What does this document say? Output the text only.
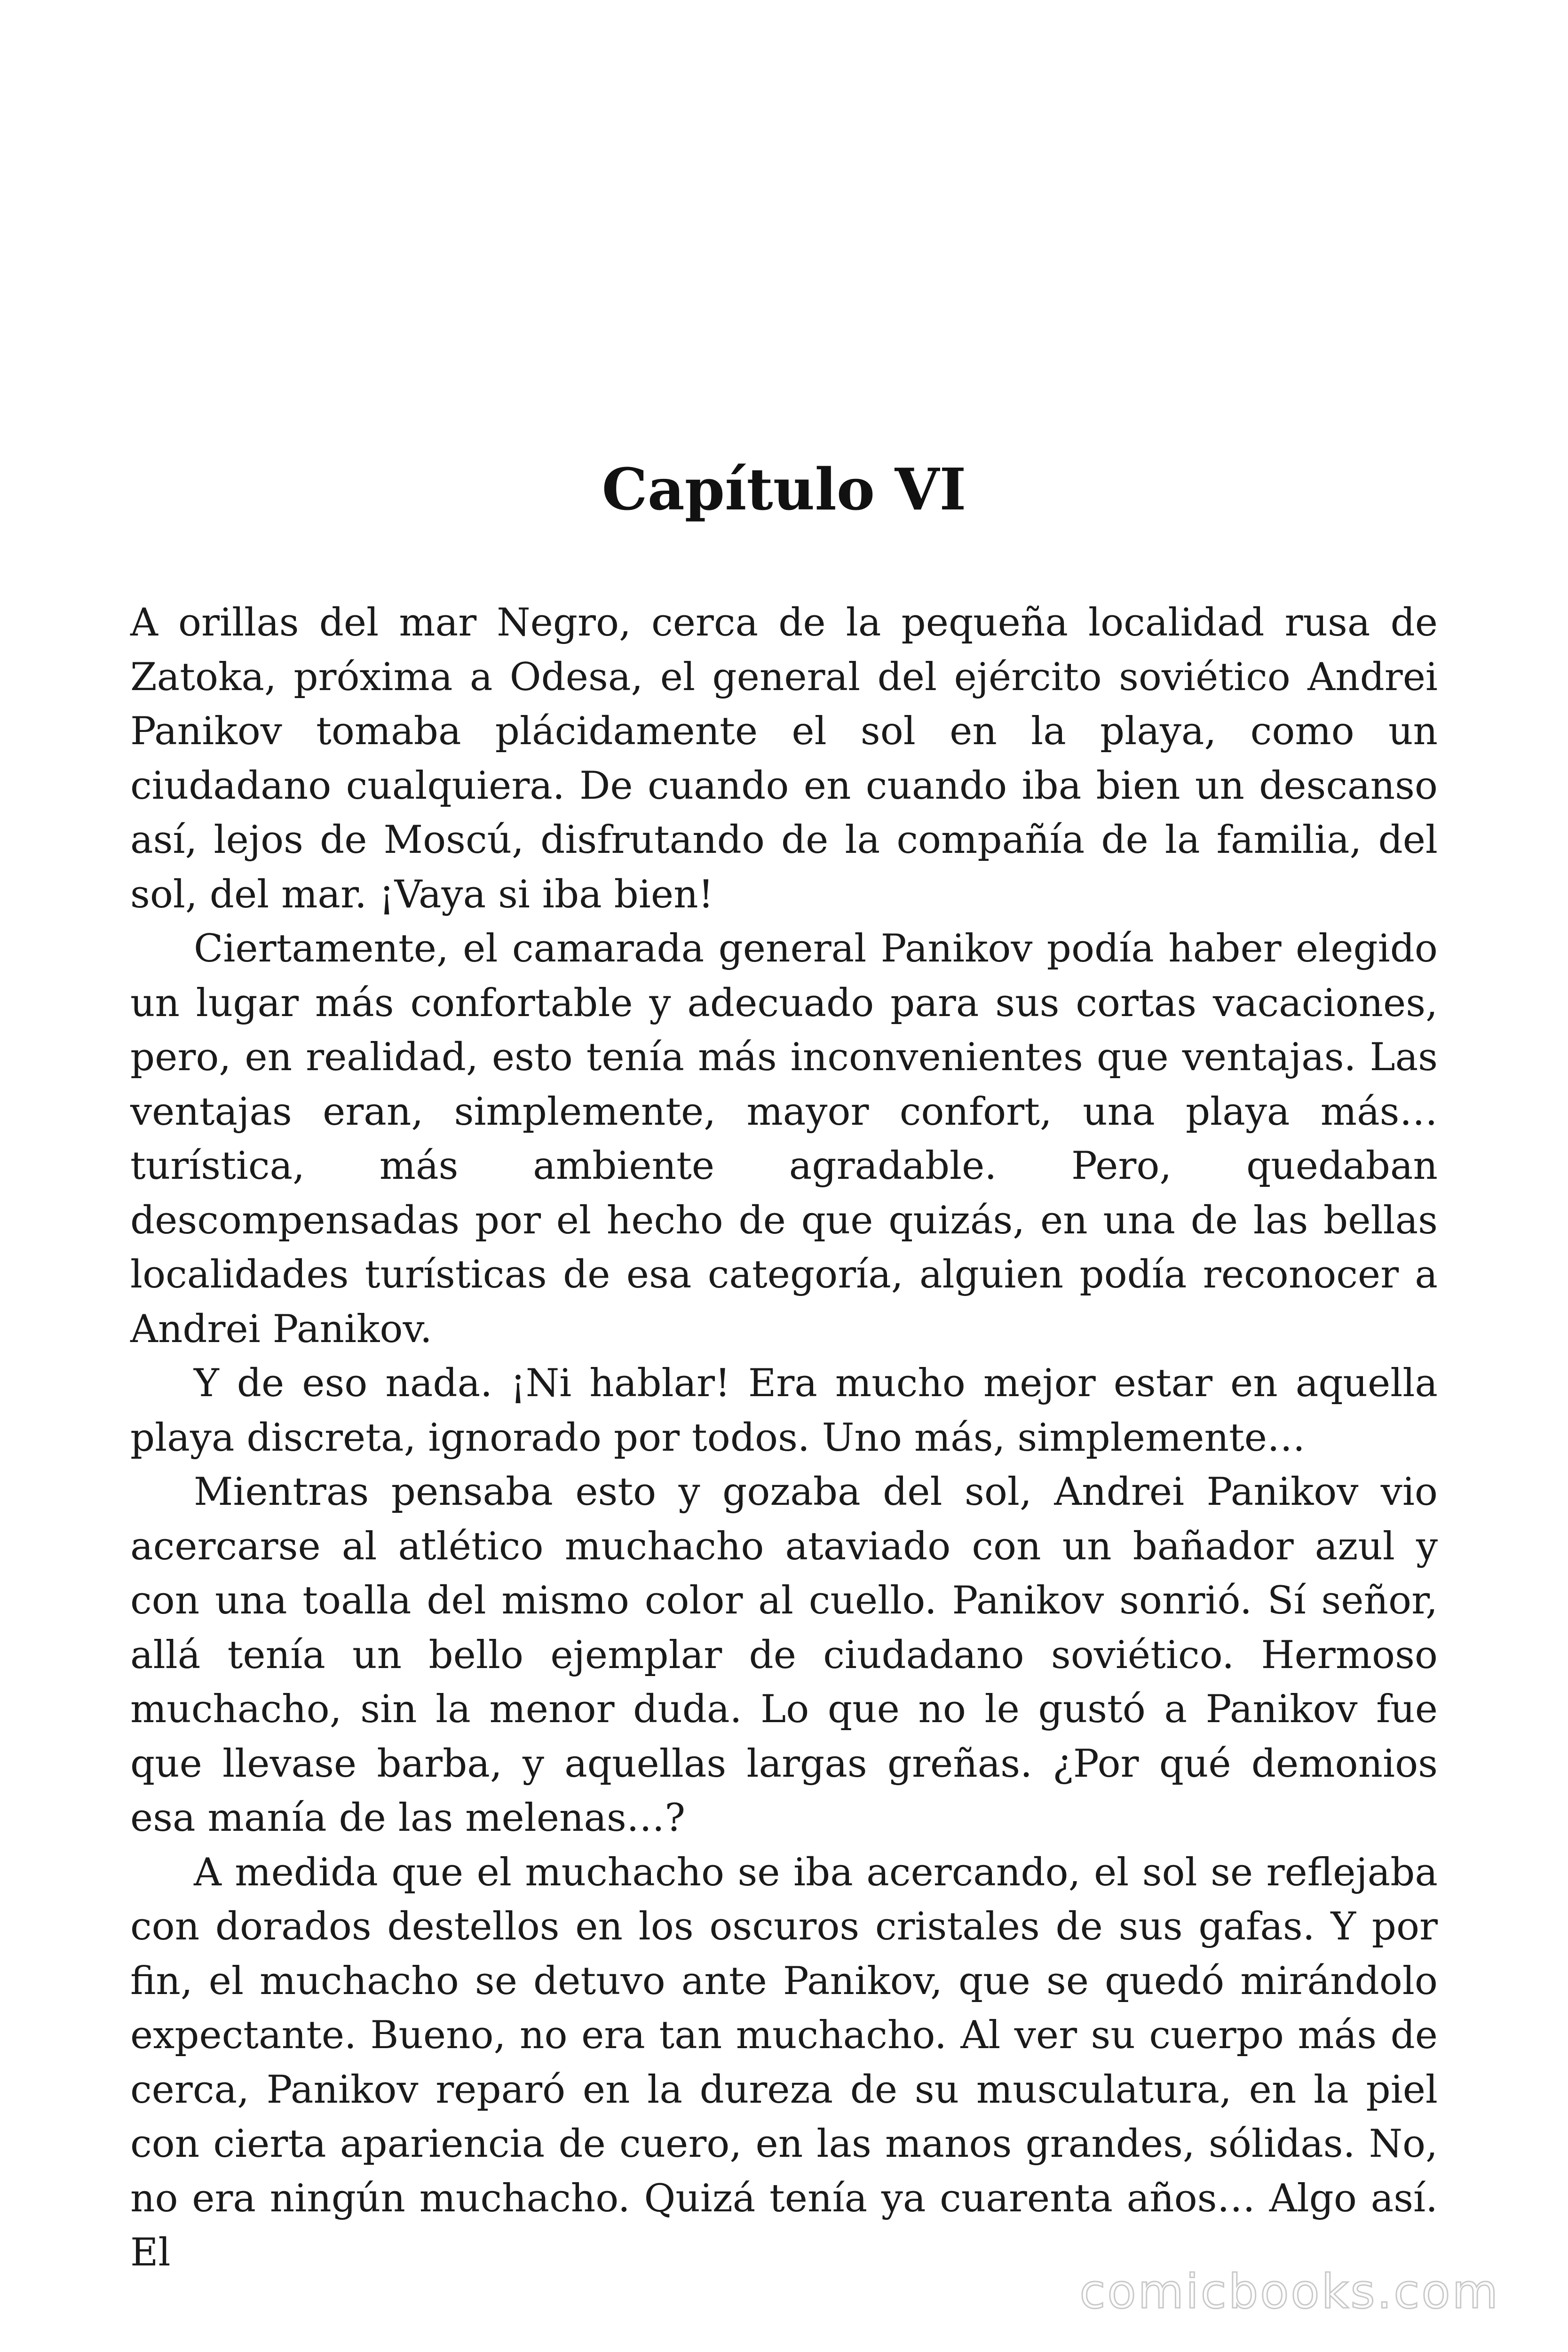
Capítulo VI

A orillas del mar Negro, cerca de la pequeña localidad rusa de Zatoka, próxima a Odesa, el general del ejército soviético Andrei Panikov tomaba plácidamente el sol en la playa, como un ciudadano cualquiera. De cuando en cuando iba bien un descanso así, lejos de Moscú, disfrutando de la compañía de la familia, del sol, del mar. ¡Vaya si iba bien!

Ciertamente, el camarada general Panikov podía haber elegido un lugar más confortable y adecuado para sus cortas vacaciones, pero, en realidad, esto tenía más inconvenientes que ventajas. Las ventajas eran, simplemente, mayor confort, una playa más… turística, más ambiente agradable. Pero, quedaban descompensadas por el hecho de que quizás, en una de las bellas localidades turísticas de esa categoría, alguien podía reconocer a Andrei Panikov.

Y de eso nada. ¡Ni hablar! Era mucho mejor estar en aquella playa discreta, ignorado por todos. Uno más, simplemente…

Mientras pensaba esto y gozaba del sol, Andrei Panikov vio acercarse al atlético muchacho ataviado con un bañador azul y con una toalla del mismo color al cuello. Panikov sonrió. Sí señor, allá tenía un bello ejemplar de ciudadano soviético. Hermoso muchacho, sin la menor duda. Lo que no le gustó a Panikov fue que llevase barba, y aquellas largas greñas. ¿Por qué demonios esa manía de las melenas…?

A medida que el muchacho se iba acercando, el sol se reflejaba con dorados destellos en los oscuros cristales de sus gafas. Y por fin, el muchacho se detuvo ante Panikov, que se quedó mirándolo expectante. Bueno, no era tan muchacho. Al ver su cuerpo más de cerca, Panikov reparó en la dureza de su musculatura, en la piel con cierta apariencia de cuero, en las manos grandes, sólidas. No, no era ningún muchacho. Quizá tenía ya cuarenta años… Algo así. El

comicbooks.com
